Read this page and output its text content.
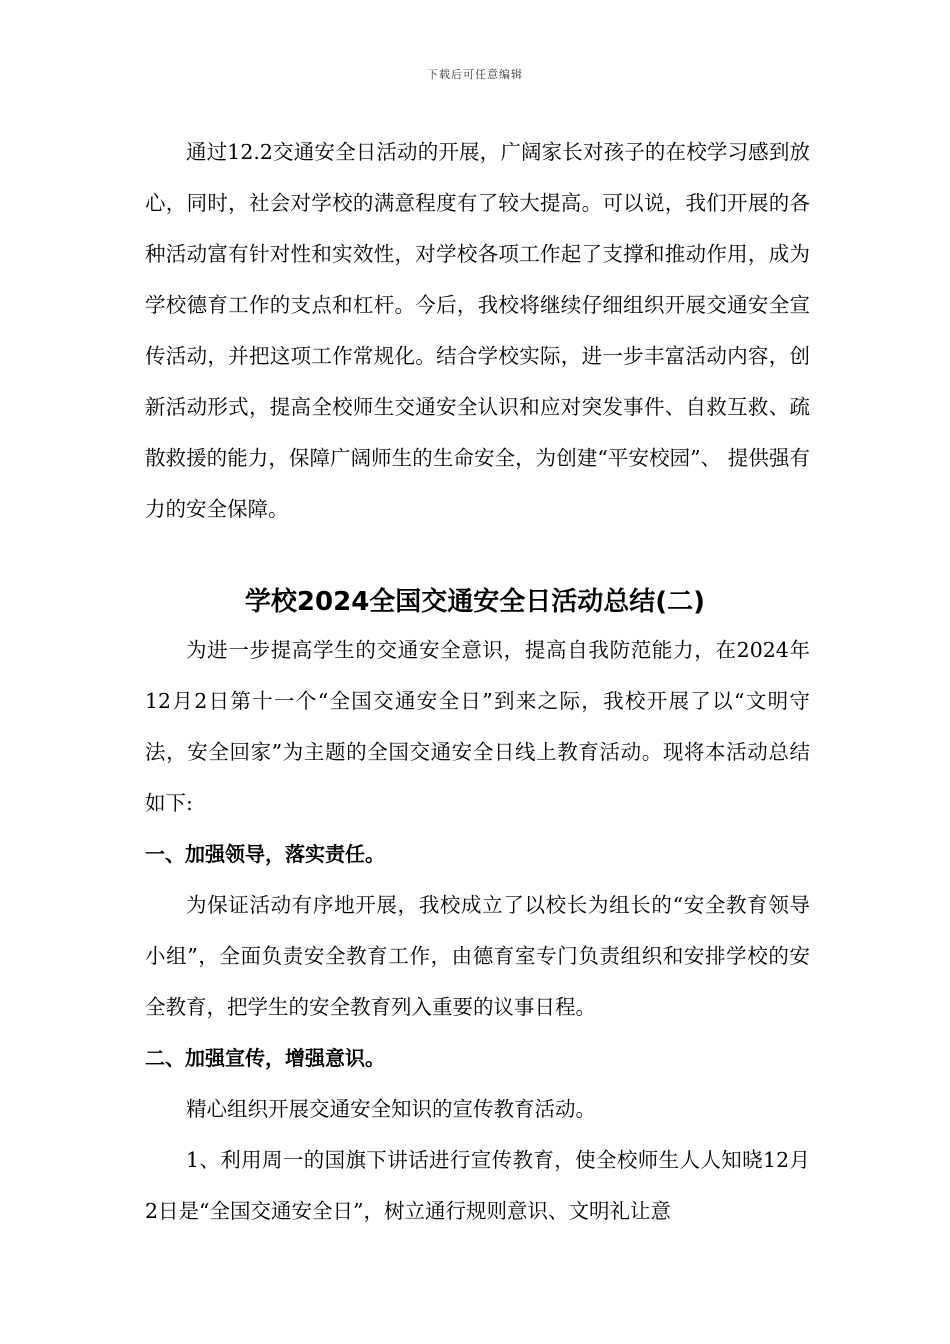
下载后可任意编辑

通过12.2交通安全日活动的开展，广阔家长对孩子的在校学习感到放心，同时，社会对学校的满意程度有了较大提高。可以说，我们开展的各种活动富有针对性和实效性，对学校各项工作起了支撑和推动作用，成为学校德育工作的支点和杠杆。今后，我校将继续仔细组织开展交通安全宣传活动，并把这项工作常规化。结合学校实际，进一步丰富活动内容，创新活动形式，提高全校师生交通安全认识和应对突发事件、自救互救、疏散救援的能力，保障广阔师生的生命安全，为创建“平安校园”、 提供强有力的安全保障。

学校2024全国交通安全日活动总结(二)

为进一步提高学生的交通安全意识，提高自我防范能力，在2024年12月2日第十一个“全国交通安全日”到来之际，我校开展了以“文明守法，安全回家”为主题的全国交通安全日线上教育活动。现将本活动总结如下:

一、加强领导，落实责任。

为保证活动有序地开展，我校成立了以校长为组长的“安全教育领导小组”，全面负责安全教育工作，由德育室专门负责组织和安排学校的安全教育，把学生的安全教育列入重要的议事日程。

二、加强宣传，增强意识。

精心组织开展交通安全知识的宣传教育活动。

1、利用周一的国旗下讲话进行宣传教育，使全校师生人人知晓12月2日是“全国交通安全日”，树立通行规则意识、文明礼让意
